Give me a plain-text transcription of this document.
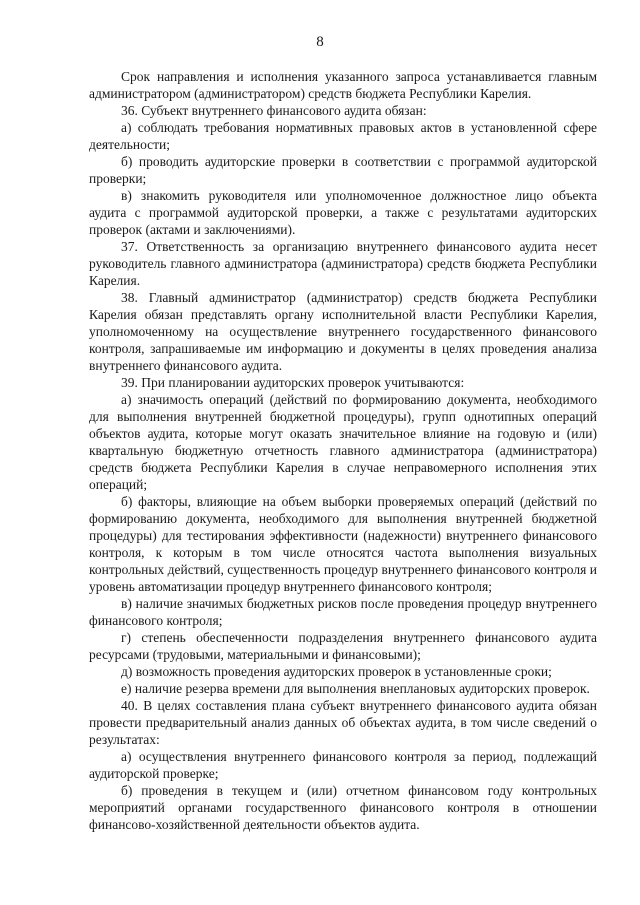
8

Срок направления и исполнения указанного запроса устанавливается главным администратором (администратором) средств бюджета Республики Карелия.

36. Субъект внутреннего финансового аудита обязан:

а) соблюдать требования нормативных правовых актов в установленной сфере деятельности;

б) проводить аудиторские проверки в соответствии с программой аудиторской проверки;

в) знакомить руководителя или уполномоченное должностное лицо объекта аудита с программой аудиторской проверки, а также с результатами аудиторских проверок (актами и заключениями).

37. Ответственность за организацию внутреннего финансового аудита несет руководитель главного администратора (администратора) средств бюджета Республики Карелия.

38. Главный администратор (администратор) средств бюджета Республики Карелия обязан представлять органу исполнительной власти Республики Карелия, уполномоченному на осуществление внутреннего государственного финансового контроля, запрашиваемые им информацию и документы в целях проведения анализа внутреннего финансового аудита.

39. При планировании аудиторских проверок учитываются:

а) значимость операций (действий по формированию документа, необходимого для выполнения внутренней бюджетной процедуры), групп однотипных операций объектов аудита, которые могут оказать значительное влияние на годовую и (или) квартальную бюджетную отчетность главного администратора (администратора) средств бюджета Республики Карелия в случае неправомерного исполнения этих операций;

б) факторы, влияющие на объем выборки проверяемых операций (действий по формированию документа, необходимого для выполнения внутренней бюджетной процедуры) для тестирования эффективности (надежности) внутреннего финансового контроля, к которым в том числе относятся частота выполнения визуальных контрольных действий, существенность процедур внутреннего финансового контроля и уровень автоматизации процедур внутреннего финансового контроля;

в) наличие значимых бюджетных рисков после проведения процедур внутреннего финансового контроля;

г) степень обеспеченности подразделения внутреннего финансового аудита ресурсами (трудовыми, материальными и финансовыми);

д) возможность проведения аудиторских проверок в установленные сроки;

е) наличие резерва времени для выполнения внеплановых аудиторских проверок.

40. В целях составления плана субъект внутреннего финансового аудита обязан провести предварительный анализ данных об объектах аудита, в том числе сведений о результатах:

а) осуществления внутреннего финансового контроля за период, подлежащий аудиторской проверке;

б) проведения в текущем и (или) отчетном финансовом году контрольных мероприятий органами государственного финансового контроля в отношении финансово-хозяйственной деятельности объектов аудита.
